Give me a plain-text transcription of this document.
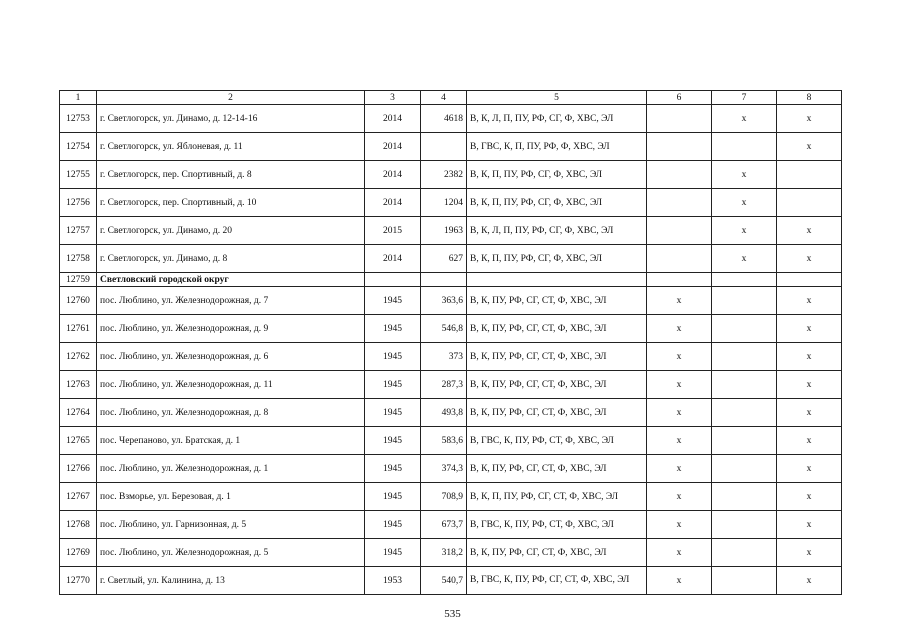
1	2	3	4	5	6	7	8
12753	г. Светлогорск, ул. Динамо, д. 12-14-16	2014	4618	В, К, Л, П, ПУ, РФ, СГ, Ф, ХВС, ЭЛ		х	х
12754	г. Светлогорск, ул. Яблоневая, д. 11	2014		В, ГВС, К, П, ПУ, РФ, Ф, ХВС, ЭЛ			х
12755	г. Светлогорск, пер. Спортивный, д. 8	2014	2382	В, К, П, ПУ, РФ, СГ, Ф, ХВС, ЭЛ		х	
12756	г. Светлогорск, пер. Спортивный, д. 10	2014	1204	В, К, П, ПУ, РФ, СГ, Ф, ХВС, ЭЛ		х	
12757	г. Светлогорск, ул. Динамо, д. 20	2015	1963	В, К, Л, П, ПУ, РФ, СГ, Ф, ХВС, ЭЛ		х	х
12758	г. Светлогорск, ул. Динамо, д. 8	2014	627	В, К, П, ПУ, РФ, СГ, Ф, ХВС, ЭЛ		х	х
12759	Светловский городской округ						
12760	пос. Люблино, ул. Железнодорожная, д. 7	1945	363,6	В, К, ПУ, РФ, СГ, СТ, Ф, ХВС, ЭЛ	х		х
12761	пос. Люблино, ул. Железнодорожная, д. 9	1945	546,8	В, К, ПУ, РФ, СГ, СТ, Ф, ХВС, ЭЛ	х		х
12762	пос. Люблино, ул. Железнодорожная, д. 6	1945	373	В, К, ПУ, РФ, СГ, СТ, Ф, ХВС, ЭЛ	х		х
12763	пос. Люблино, ул. Железнодорожная, д. 11	1945	287,3	В, К, ПУ, РФ, СГ, СТ, Ф, ХВС, ЭЛ	х		х
12764	пос. Люблино, ул. Железнодорожная, д. 8	1945	493,8	В, К, ПУ, РФ, СГ, СТ, Ф, ХВС, ЭЛ	х		х
12765	пос. Черепаново, ул. Братская, д. 1	1945	583,6	В, ГВС, К, ПУ, РФ, СТ, Ф, ХВС, ЭЛ	х		х
12766	пос. Люблино, ул. Железнодорожная, д. 1	1945	374,3	В, К, ПУ, РФ, СГ, СТ, Ф, ХВС, ЭЛ	х		х
12767	пос. Взморье, ул. Березовая, д. 1	1945	708,9	В, К, П, ПУ, РФ, СГ, СТ, Ф, ХВС, ЭЛ	х		х
12768	пос. Люблино, ул. Гарнизонная, д. 5	1945	673,7	В, ГВС, К, ПУ, РФ, СТ, Ф, ХВС, ЭЛ	х		х
12769	пос. Люблино, ул. Железнодорожная, д. 5	1945	318,2	В, К, ПУ, РФ, СГ, СТ, Ф, ХВС, ЭЛ	х		х
12770	г. Светлый, ул. Калинина, д. 13	1953	540,7	В, ГВС, К, ПУ, РФ, СГ, СТ, Ф, ХВС, ЭЛ	х		х
535
